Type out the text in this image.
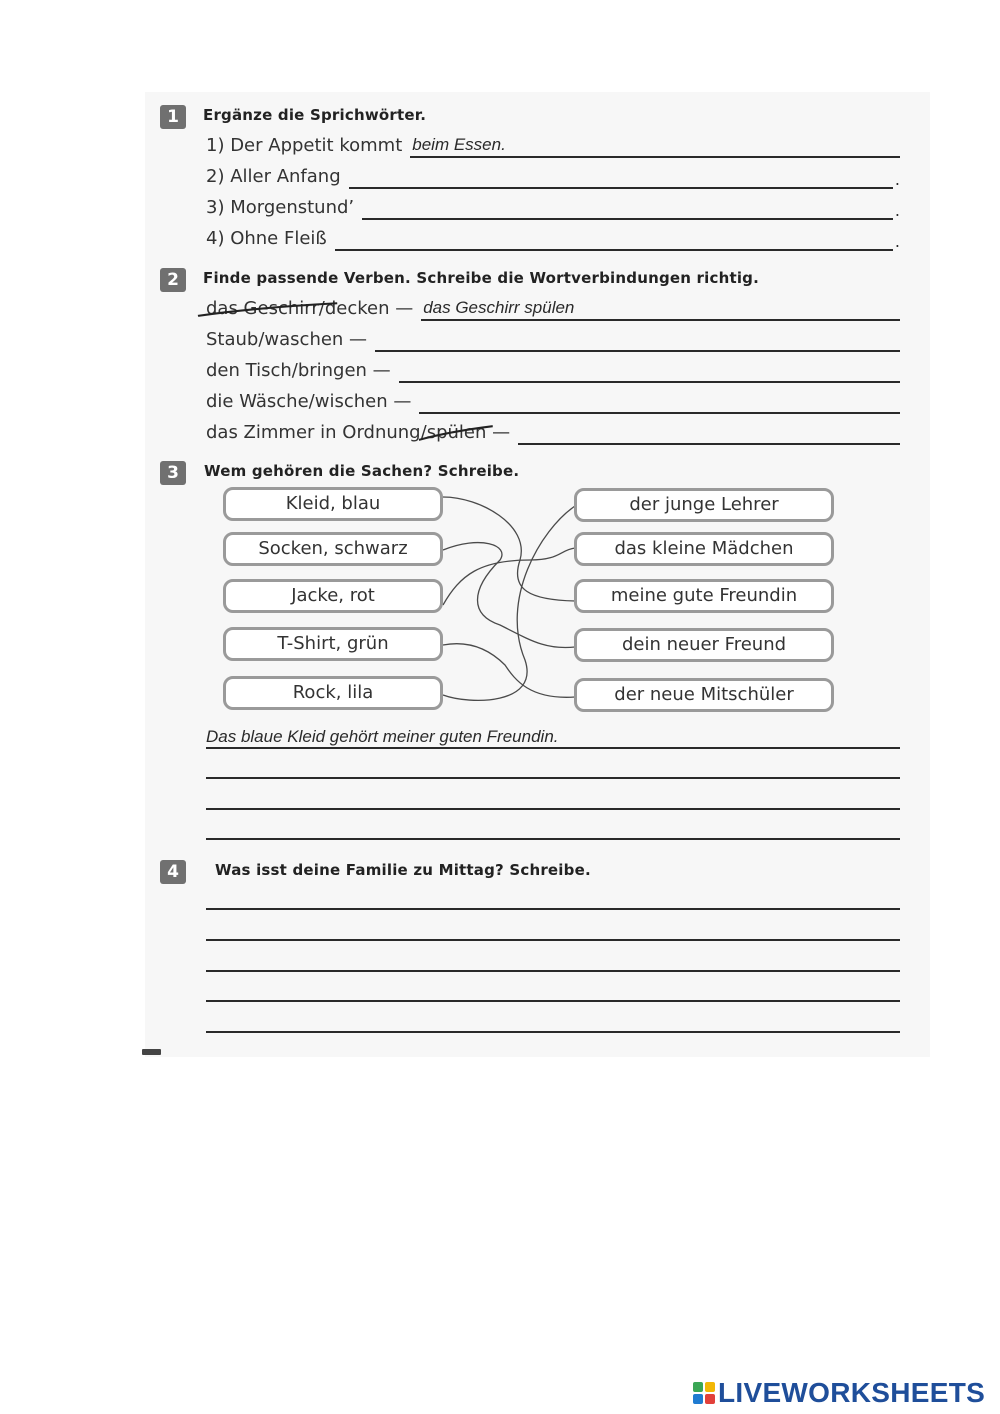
1	Ergänze die Sprichwörter.
1) Der Appetit kommt beim Essen.
2) Aller Anfang	.
3) Morgenstund’	.
4) Ohne Fleiß	.
2	Finde passende Verben. Schreibe die Wortverbindungen richtig.
das Geschirr
/decken — das Geschirr spülen
Staub/waschen —
den Tisch/bringen —
die Wäsche/wischen —
das Zimmer in Ordnung/spülen
—
3	Wem gehören die Sachen? Schreibe.
Kleid, blau
Socken, schwarz
Jacke, rot
T-Shirt, grün
Rock, lila
der junge Lehrer
das kleine Mädchen
meine gute Freundin
dein neuer Freund
der neue Mitschüler
Das blaue Kleid gehört meiner guten Freundin.
4	Was isst deine Familie zu Mittag? Schreibe.
LIVEWORKSHEETS
